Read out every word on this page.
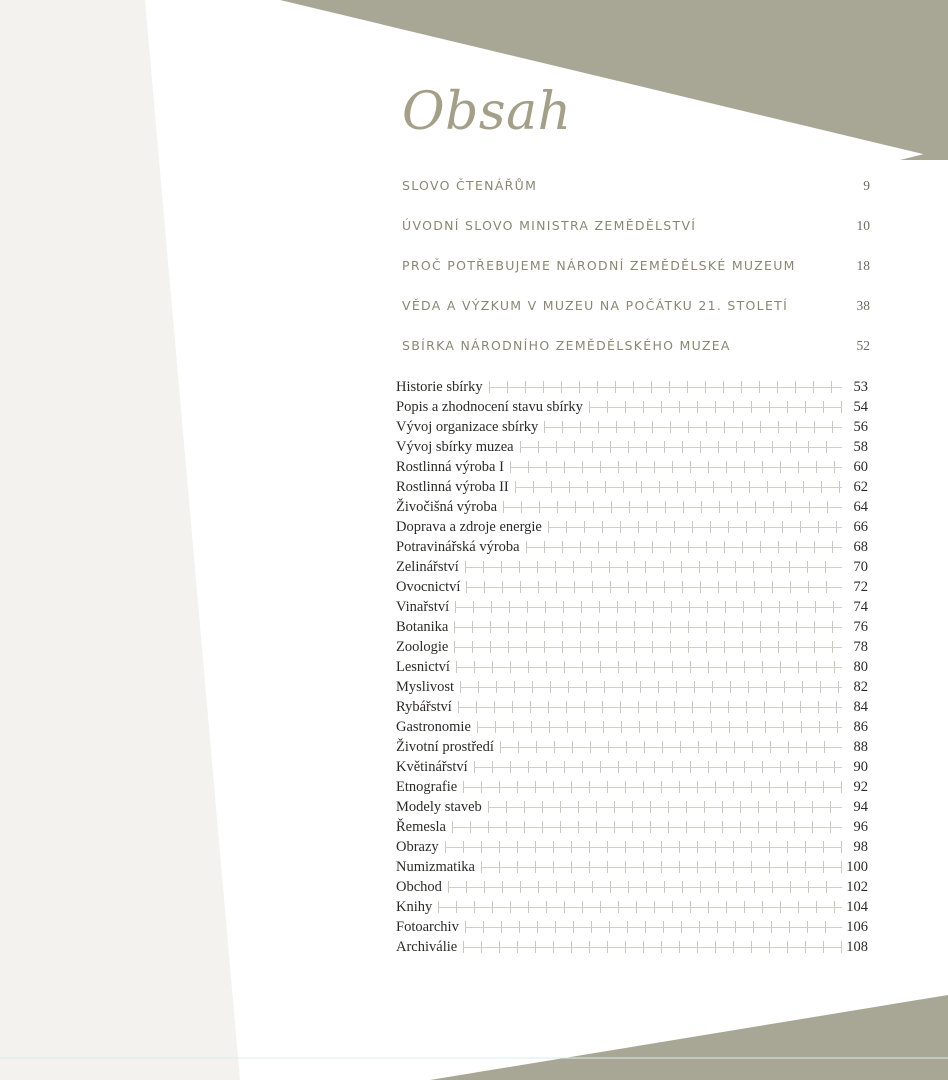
Obsah
SLOVO ČTENÁŘŮM	9
ÚVODNÍ SLOVO MINISTRA ZEMĚDĚLSTVÍ	10
PROČ POTŘEBUJEME NÁRODNÍ ZEMĚDĚLSKÉ MUZEUM	18
VĚDA A VÝZKUM V MUZEU NA POČÁTKU 21. STOLETÍ	38
SBÍRKA NÁRODNÍHO ZEMĚDĚLSKÉHO MUZEA	52
Historie sbírky	53
Popis a zhodnocení stavu sbírky	54
Vývoj organizace sbírky	56
Vývoj sbírky muzea	58
Rostlinná výroba I	60
Rostlinná výroba II	62
Živočišná výroba	64
Doprava a zdroje energie	66
Potravinářská výroba	68
Zelinářství	70
Ovocnictví	72
Vinařství	74
Botanika	76
Zoologie	78
Lesnictví	80
Myslivost	82
Rybářství	84
Gastronomie	86
Životní prostředí	88
Květinářství	90
Etnografie	92
Modely staveb	94
Řemesla	96
Obrazy	98
Numizmatika	100
Obchod	102
Knihy	104
Fotoarchiv	106
Archiválie	108
